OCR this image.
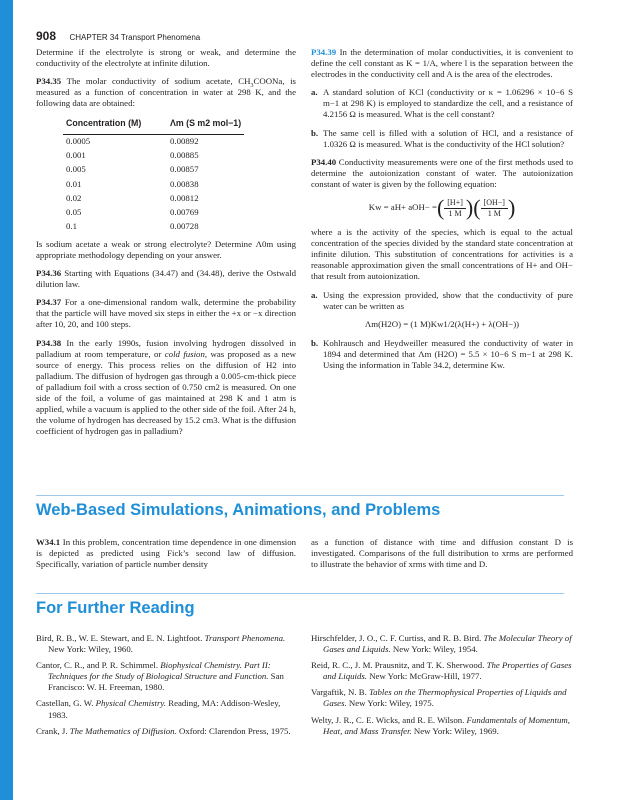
908 CHAPTER 34 Transport Phenomena

Determine if the electrolyte is strong or weak, and determine the conductivity of the electrolyte at infinite dilution.

P34.35 The molar conductivity of sodium acetate, $CH_3COONa$, is measured as a function of concentration in water at 298 K, and the following data are obtained:

Concentration (M)	Λm (S m2 mol−1)
0.0005	0.00892
0.001	0.00885
0.005	0.00857
0.01	0.00838
0.02	0.00812
0.05	0.00769
0.1	0.00728

Is sodium acetate a weak or strong electrolyte? Determine Λ0m using appropriate methodology depending on your answer.

P34.36 Starting with Equations (34.47) and (34.48), derive the Ostwald dilution law.

P34.37 For a one-dimensional random walk, determine the probability that the particle will have moved six steps in either the +x or −x direction after 10, 20, and 100 steps.

P34.38 In the early 1990s, fusion involving hydrogen dissolved in palladium at room temperature, or cold fusion, was proposed as a new source of energy. This process relies on the diffusion of H2 into palladium. The diffusion of hydrogen gas through a 0.005-cm-thick piece of palladium foil with a cross section of 0.750 cm2 is measured. On one side of the foil, a volume of gas maintained at 298 K and 1 atm is applied, while a vacuum is applied to the other side of the foil. After 24 h, the volume of hydrogen has decreased by 15.2 cm3. What is the diffusion coefficient of hydrogen gas in palladium?

P34.39 In the determination of molar conductivities, it is convenient to define the cell constant as K = 1/A, where l is the separation between the electrodes in the conductivity cell and A is the area of the electrodes.

a. A standard solution of KCl (conductivity or κ = 1.06296 × 10−6 S m−1 at 298 K) is employed to standardize the cell, and a resistance of 4.2156 Ω is measured. What is the cell constant?
b. The same cell is filled with a solution of HCl, and a resistance of 1.0326 Ω is measured. What is the conductivity of the HCl solution?

P34.40 Conductivity measurements were one of the first methods used to determine the autoionization constant of water. The autoionization constant of water is given by the following equation:

Kw = aH+ aOH− = ( $\frac{[H+]}{1 M}$ )( $\frac{[OH-]}{1 M}$ )

where a is the activity of the species, which is equal to the actual concentration of the species divided by the standard state concentration at infinite dilution. This substitution of concentrations for activities is a reasonable approximation given the small concentrations of H+ and OH− that result from autoionization.

a. Using the expression provided, show that the conductivity of pure water can be written as
Λm(H2O) = (1 M)Kw1/2(λ(H+) + λ(OH−))
b. Kohlrausch and Heydweiller measured the conductivity of water in 1894 and determined that Λm (H2O) = 5.5 × 10−6 S m−1 at 298 K. Using the information in Table 34.2, determine Kw.
Web-Based Simulations, Animations, and Problems
W34.1 In this problem, concentration time dependence in one dimension is depicted as predicted using Fick’s second law of diffusion. Specifically, variation of particle number density
as a function of distance with time and diffusion constant D is investigated. Comparisons of the full distribution to xrms are performed to illustrate the behavior of xrms with time and D.
For Further Reading

Bird, R. B., W. E. Stewart, and E. N. Lightfoot. Transport Phenomena. New York: Wiley, 1960.

Cantor, C. R., and P. R. Schimmel. Biophysical Chemistry. Part II: Techniques for the Study of Biological Structure and Function. San Francisco: W. H. Freeman, 1980.

Castellan, G. W. Physical Chemistry. Reading, MA: Addison-Wesley, 1983.

Crank, J. The Mathematics of Diffusion. Oxford: Clarendon Press, 1975.

Hirschfelder, J. O., C. F. Curtiss, and R. B. Bird. The Molecular Theory of Gases and Liquids. New York: Wiley, 1954.

Reid, R. C., J. M. Prausnitz, and T. K. Sherwood. The Properties of Gases and Liquids. New York: McGraw-Hill, 1977.

Vargaftik, N. B. Tables on the Thermophysical Properties of Liquids and Gases. New York: Wiley, 1975.

Welty, J. R., C. E. Wicks, and R. E. Wilson. Fundamentals of Momentum, Heat, and Mass Transfer. New York: Wiley, 1969.
